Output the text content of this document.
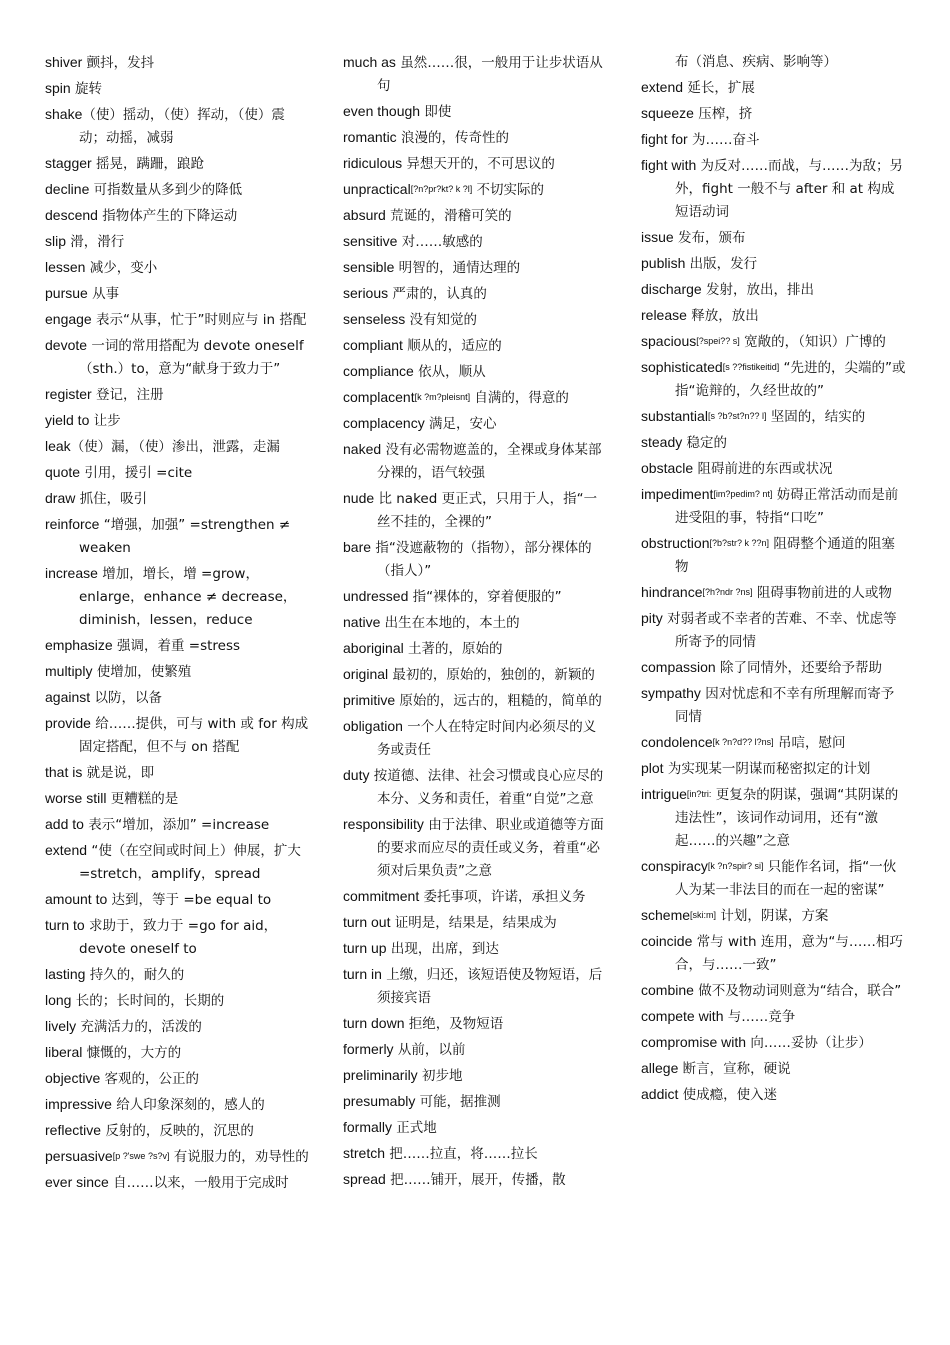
shiver 颤抖，发抖
spin 旋转
shake（使）摇动，（使）挥动，（使）震动；动摇，减弱
stagger 摇晃，蹒跚，踉跄
decline 可指数量从多到少的降低
descend 指物体产生的下降运动
slip 滑，滑行
lessen 减少，变小
pursue 从事
engage 表示“从事，忙于”时则应与 in 搭配
devote 一词的常用搭配为 devote oneself（sth.）to，意为“献身于致力于”
register 登记，注册
yield to 让步
leak（使）漏，（使）渗出，泄露，走漏
quote 引用，援引 =cite
draw 抓住，吸引
reinforce “增强，加强” =strengthen ≠ weaken
increase 增加，增长，增 =grow，enlarge，enhance ≠ decrease，diminish，lessen，reduce
emphasize 强调，着重 =stress
multiply 使增加，使繁殖
against 以防，以备
provide 给……提供，可与 with 或 for 构成固定搭配，但不与 on 搭配
that is 就是说，即
worse still 更糟糕的是
add to 表示“增加，添加” =increase
extend “使（在空间或时间上）伸展，扩大 =stretch，amplify，spread
amount to 达到，等于 =be equal to
turn to 求助于，致力于 =go for aid，devote oneself to
lasting 持久的，耐久的
long 长的；长时间的，长期的
lively 充满活力的，活泼的
liberal 慷慨的，大方的
objective 客观的，公正的
impressive 给人印象深刻的，感人的
reflective 反射的，反映的，沉思的
persuasive[p ?'swe ?s?v] 有说服力的，劝导性的
ever since 自……以来，一般用于完成时
much as 虽然……很，一般用于让步状语从句
even though 即使
romantic 浪漫的，传奇性的
ridiculous 异想天开的，不可思议的
unpractical[?n?pr?kt? k ?l] 不切实际的
absurd 荒诞的，滑稽可笑的
sensitive 对……敏感的
sensible 明智的，通情达理的
serious 严肃的，认真的
senseless 没有知觉的
compliant 顺从的，适应的
compliance 依从，顺从
complacent[k ?m?pleisnt] 自满的，得意的
complacency 满足，安心
naked 没有必需物遮盖的，全裸或身体某部分裸的，语气较强
nude 比 naked 更正式，只用于人，指“一丝不挂的，全裸的”
bare 指“没遮蔽物的（指物），部分裸体的（指人）”
undressed 指“裸体的，穿着便服的”
native 出生在本地的，本土的
aboriginal 土著的，原始的
original 最初的，原始的，独创的，新颖的
primitive 原始的，远古的，粗糙的，简单的
obligation 一个人在特定时间内必须尽的义务或责任
duty 按道德、法律、社会习惯或良心应尽的本分、义务和责任，着重“自觉”之意
responsibility 由于法律、职业或道德等方面的要求而应尽的责任或义务，着重“必须对后果负责”之意
commitment 委托事项，许诺，承担义务
turn out 证明是，结果是，结果成为
turn up 出现，出席，到达
turn in 上缴，归还，该短语使及物短语，后须接宾语
turn down 拒绝，及物短语
formerly 从前，以前
preliminarily 初步地
presumably 可能，据推测
formally 正式地
stretch 把……拉直，将……拉长
spread 把……铺开，展开，传播，散
布（消息、疾病、影响等）
extend 延长，扩展
squeeze 压榨，挤
fight for 为……奋斗
fight with 为反对……而战，与……为敌；另外，fight 一般不与 after 和 at 构成短语动词
issue 发布，颁布
publish 出版，发行
discharge 发射，放出，排出
release 释放，放出
spacious[?spei?? s] 宽敞的，（知识）广博的
sophisticated[s ??fistikeitid] “先进的，尖端的”或指“诡辩的，久经世故的”
substantial[s ?b?st?n?? l] 坚固的，结实的
steady 稳定的
obstacle 阻碍前进的东西或状况
impediment[im?pedim? nt] 妨碍正常活动而是前进受阻的事，特指“口吃”
obstruction[?b?str? k ??n] 阻碍整个通道的阻塞物
hindrance[?h?ndr ?ns] 阻碍事物前进的人或物
pity 对弱者或不幸者的苦难、不幸、忧虑等所寄予的同情
compassion 除了同情外，还要给予帮助
sympathy 因对忧虑和不幸有所理解而寄予同情
condolence[k ?n?d?? l?ns] 吊唁，慰问
plot 为实现某一阴谋而秘密拟定的计划
intrigue[in?tri: 更复杂的阴谋，强调“其阴谋的违法性”，该词作动词用，还有“激起……的兴趣”之意
conspiracy[k ?n?spir? si] 只能作名词，指“一伙人为某一非法目的而在一起的密谋”
scheme[ski:m] 计划，阴谋，方案
coincide 常与 with 连用，意为“与……相巧合，与……一致”
combine 做不及物动词则意为“结合，联合”
compete with 与……竞争
compromise with 向……妥协（让步）
allege 断言，宣称，硬说
addict 使成瘾，使入迷
